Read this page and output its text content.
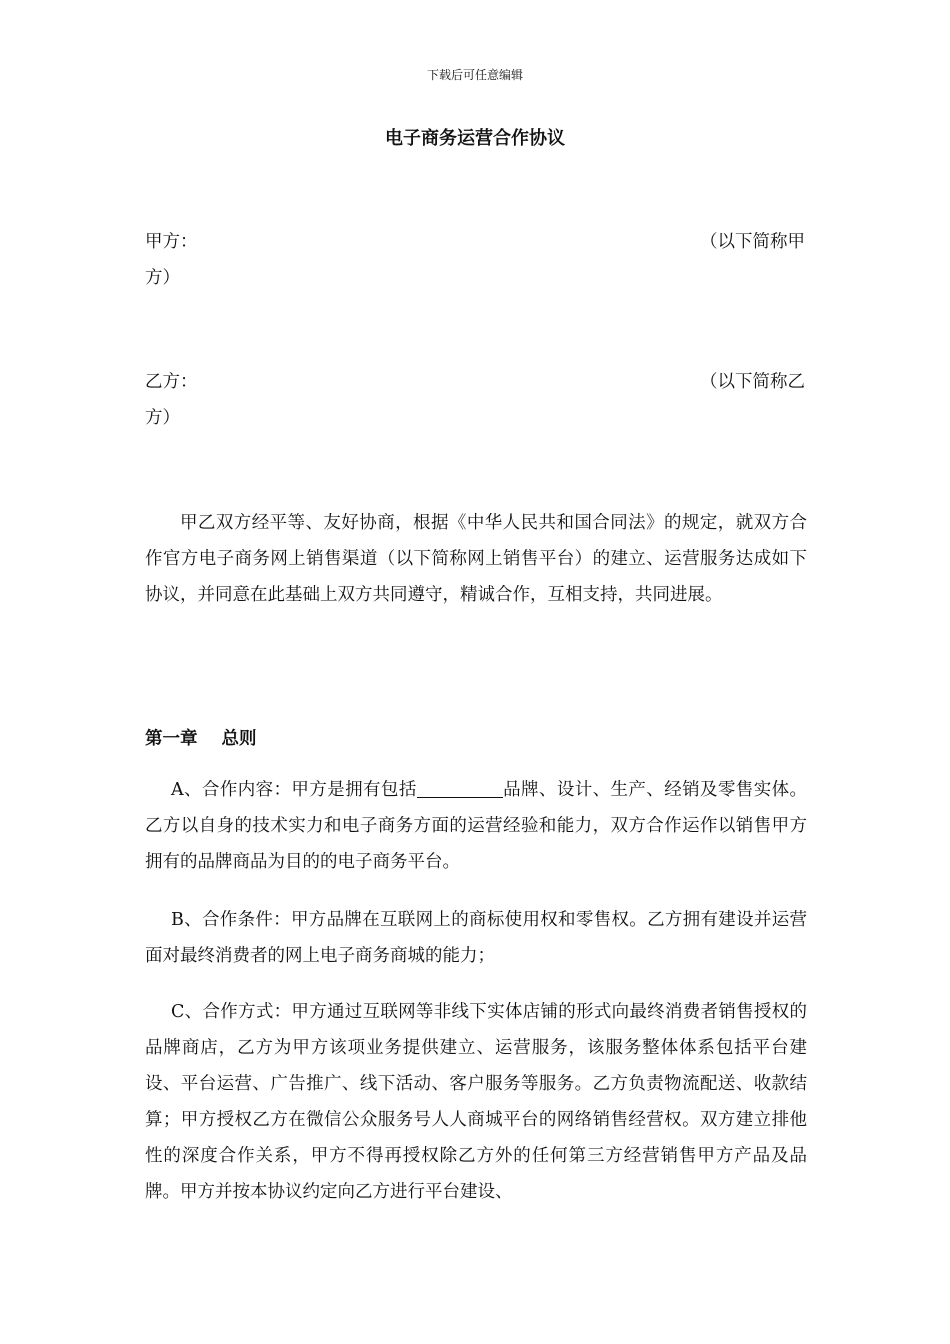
下载后可任意编辑
电子商务运营合作协议
甲方：	（以下简称甲
方）
乙方：	（以下简称乙
方）

甲乙双方经平等、友好协商，根据《中华人民共和国合同法》的规定，就双方合作官方电子商务网上销售渠道（以下简称网上销售平台）的建立、运营服务达成如下协议，并同意在此基础上双方共同遵守，精诚合作，互相支持，共同进展。

第一章 总则

A、合作内容：甲方是拥有包括	品牌、设计、生产、经销及零售实体。乙方以自身的技术实力和电子商务方面的运营经验和能力，双方合作运作以销售甲方拥有的品牌商品为目的的电子商务平台。

B、合作条件：甲方品牌在互联网上的商标使用权和零售权。乙方拥有建设并运营面对最终消费者的网上电子商务商城的能力；

C、合作方式：甲方通过互联网等非线下实体店铺的形式向最终消费者销售授权的品牌商店，乙方为甲方该项业务提供建立、运营服务，该服务整体体系包括平台建设、平台运营、广告推广、线下活动、客户服务等服务。乙方负责物流配送、收款结算；甲方授权乙方在微信公众服务号人人商城平台的网络销售经营权。双方建立排他性的深度合作关系，甲方不得再授权除乙方外的任何第三方经营销售甲方产品及品牌。甲方并按本协议约定向乙方进行平台建设、
